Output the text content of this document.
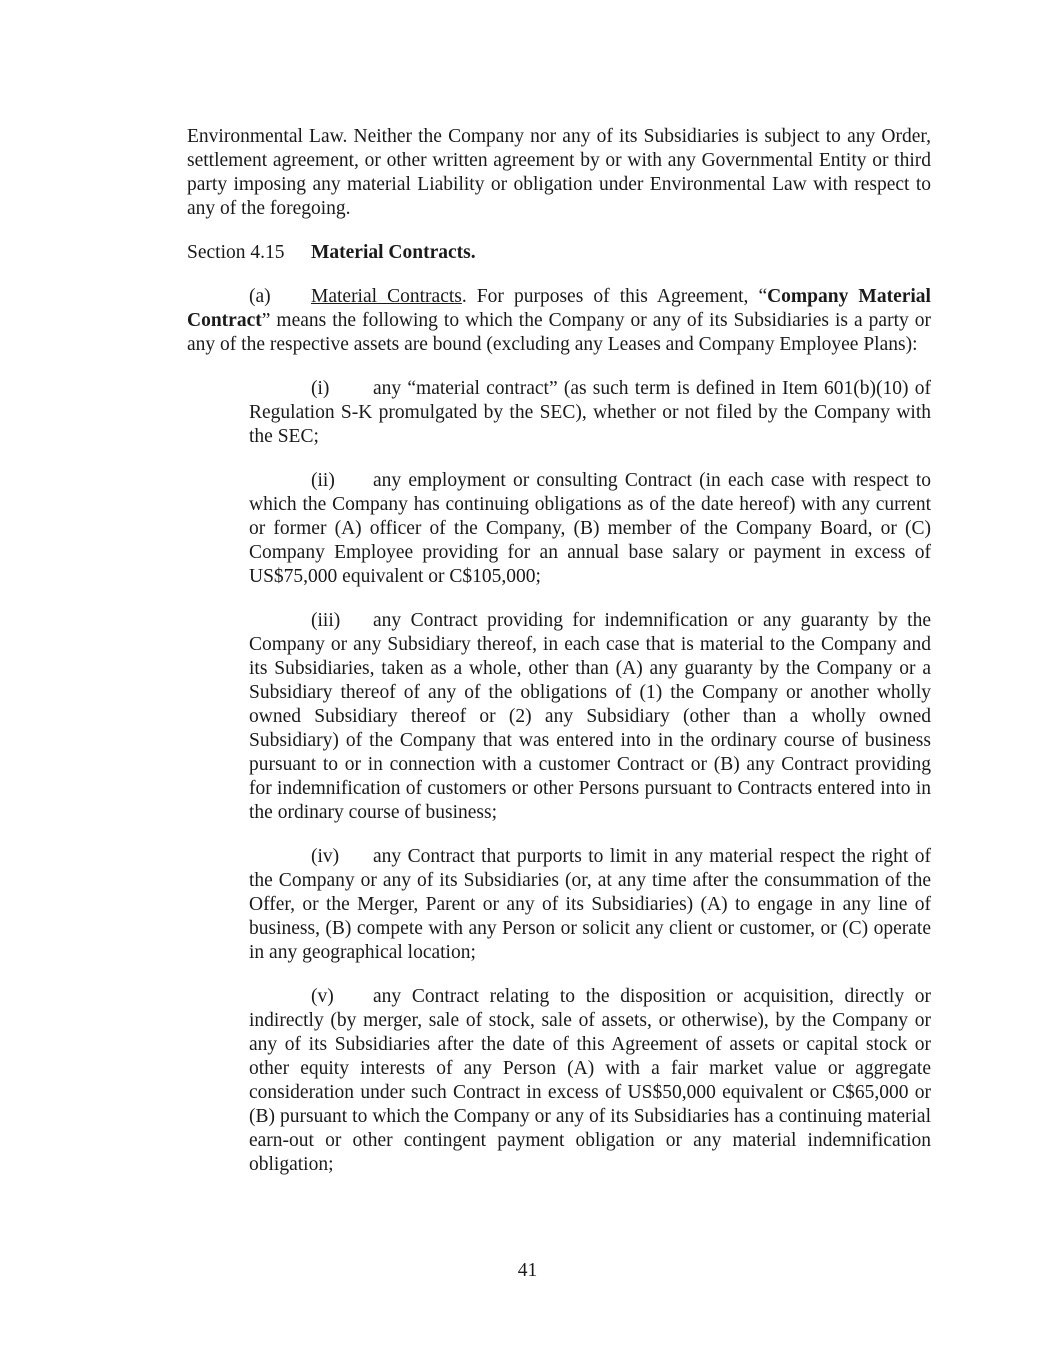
Environmental Law. Neither the Company nor any of its Subsidiaries is subject to any Order, settlement agreement, or other written agreement by or with any Governmental Entity or third party imposing any material Liability or obligation under Environmental Law with respect to any of the foregoing.

Section 4.15 Material Contracts.

(a) Material Contracts. For purposes of this Agreement, “Company Material Contract” means the following to which the Company or any of its Subsidiaries is a party or any of the respective assets are bound (excluding any Leases and Company Employee Plans):

(i) any “material contract” (as such term is defined in Item 601(b)(10) of Regulation S-K promulgated by the SEC), whether or not filed by the Company with the SEC;

(ii) any employment or consulting Contract (in each case with respect to which the Company has continuing obligations as of the date hereof) with any current or former (A) officer of the Company, (B) member of the Company Board, or (C) Company Employee providing for an annual base salary or payment in excess of US$75,000 equivalent or C$105,000;

(iii) any Contract providing for indemnification or any guaranty by the Company or any Subsidiary thereof, in each case that is material to the Company and its Subsidiaries, taken as a whole, other than (A) any guaranty by the Company or a Subsidiary thereof of any of the obligations of (1) the Company or another wholly owned Subsidiary thereof or (2) any Subsidiary (other than a wholly owned Subsidiary) of the Company that was entered into in the ordinary course of business pursuant to or in connection with a customer Contract or (B) any Contract providing for indemnification of customers or other Persons pursuant to Contracts entered into in the ordinary course of business;

(iv) any Contract that purports to limit in any material respect the right of the Company or any of its Subsidiaries (or, at any time after the consummation of the Offer, or the Merger, Parent or any of its Subsidiaries) (A) to engage in any line of business, (B) compete with any Person or solicit any client or customer, or (C) operate in any geographical location;

(v) any Contract relating to the disposition or acquisition, directly or indirectly (by merger, sale of stock, sale of assets, or otherwise), by the Company or any of its Subsidiaries after the date of this Agreement of assets or capital stock or other equity interests of any Person (A) with a fair market value or aggregate consideration under such Contract in excess of US$50,000 equivalent or C$65,000 or (B) pursuant to which the Company or any of its Subsidiaries has a continuing material earn-out or other contingent payment obligation or any material indemnification obligation;

41
